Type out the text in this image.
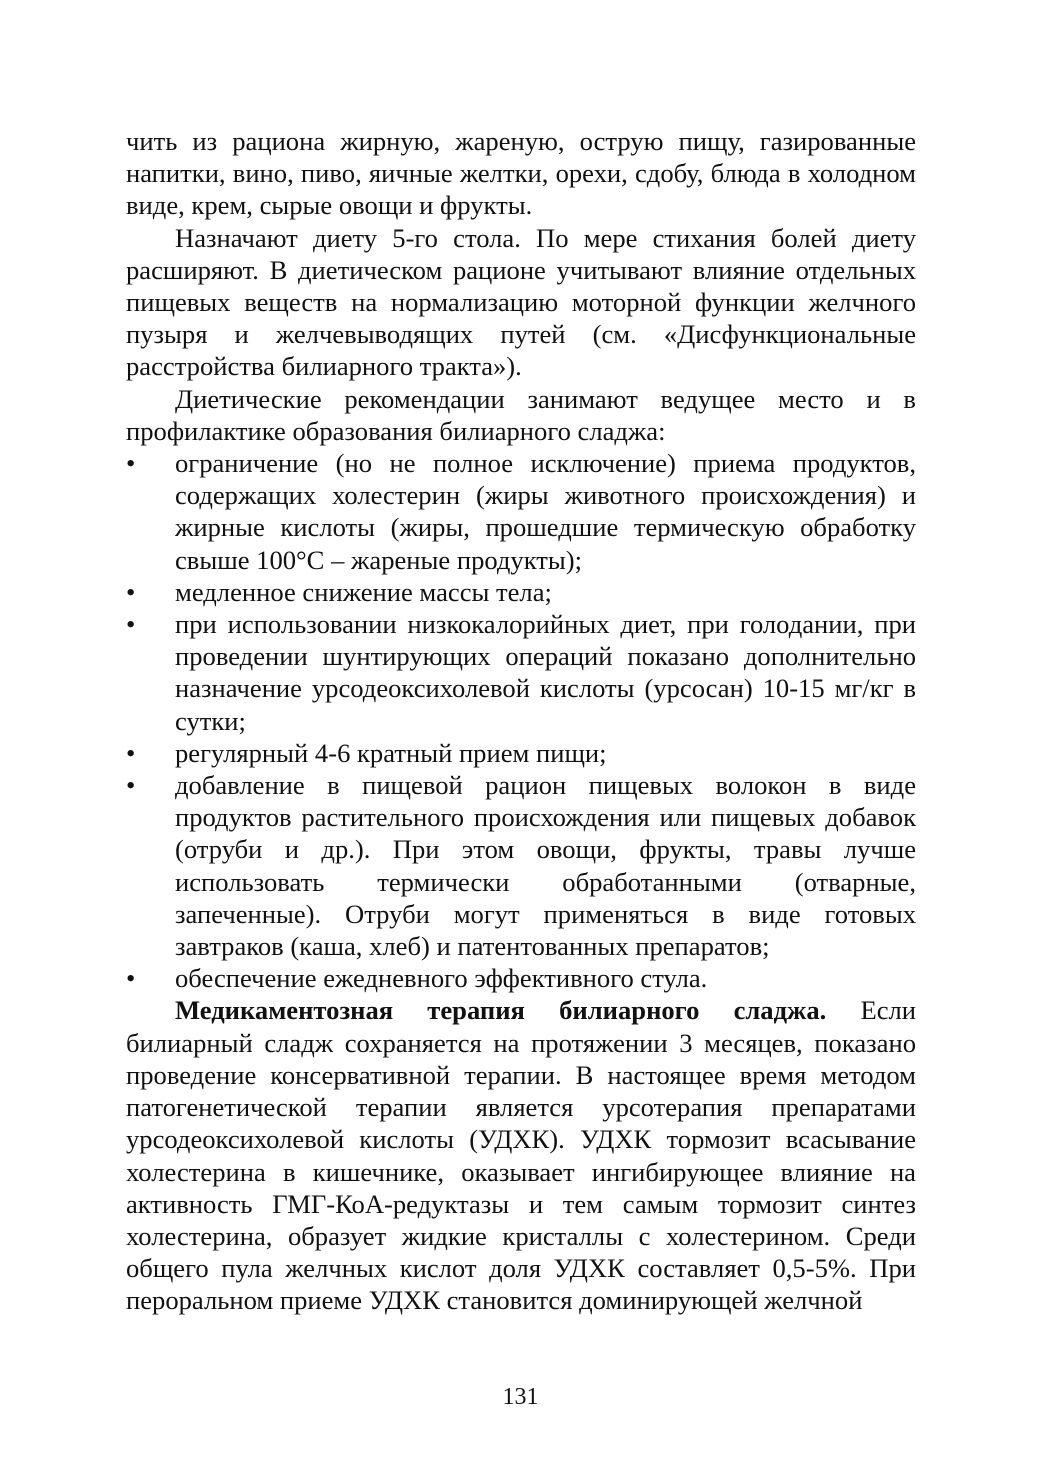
чить из рациона жирную, жареную, острую пищу, газированные напитки, вино, пиво, яичные желтки, орехи, сдобу, блюда в холодном виде, крем, сырые овощи и фрукты.

Назначают диету 5-го стола. По мере стихания болей диету расширяют. В диетическом рационе учитывают влияние отдельных пищевых веществ на нормализацию моторной функции желчного пузыря и желчевыводящих путей (см. «Дисфункциональные расстройства билиарного тракта»).

Диетические рекомендации занимают ведущее место и в профилактике образования билиарного сладжа:

• ограничение (но не полное исключение) приема продуктов, содержащих холестерин (жиры животного происхождения) и жирные кислоты (жиры, прошедшие термическую обработку свыше 100°С – жареные продукты);
• медленное снижение массы тела;
• при использовании низкокалорийных диет, при голодании, при проведении шунтирующих операций показано дополнительно назначение урсодеоксихолевой кислоты (урсосан) 10-15 мг/кг в сутки;
• регулярный 4-6 кратный прием пищи;
• добавление в пищевой рацион пищевых волокон в виде продуктов растительного происхождения или пищевых добавок (отруби и др.). При этом овощи, фрукты, травы лучше использовать термически обработанными (отварные, запеченные). Отруби могут применяться в виде готовых завтраков (каша, хлеб) и патентованных препаратов;
• обеспечение ежедневного эффективного стула.

Медикаментозная терапия билиарного сладжа. Если билиарный сладж сохраняется на протяжении 3 месяцев, показано проведение консервативной терапии. В настоящее время методом патогенетической терапии является урсотерапия препаратами урсодеоксихолевой кислоты (УДХК). УДХК тормозит всасывание холестерина в кишечнике, оказывает ингибирующее влияние на активность ГМГ-КоА-редуктазы и тем самым тормозит синтез холестерина, образует жидкие кристаллы с холестерином. Среди общего пула желчных кислот доля УДХК составляет 0,5-5%. При пероральном приеме УДХК становится доминирующей желчной

131
